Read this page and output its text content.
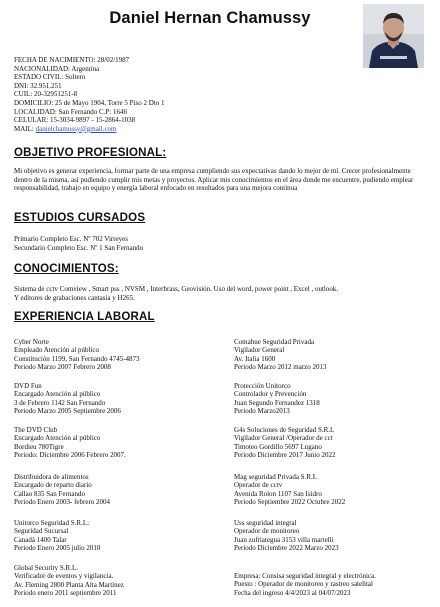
Daniel Hernan Chamussy
FECHA DE NACIMIENTO: 28/02/1987
NACIONALIDAD: Argentina
ESTADO CIVIL: Soltero
DNI: 32.951.251
CUIL: 20-32951251-8
DOMICILIO: 25 de Mayo 1904, Torre 5 Piso 2 Dto 1
LOCALIDAD: San Fernando C.P: 1646
CELULAR: 15-3034-9897 - 15-2864-1038
MAIL: danielchamussy@gmail.com
OBJETIVO PROFESIONAL:
Mi objetivo es generar experiencia, formar parte de una empresa cumpliendo sus expectativas dando lo mejor de mí. Crecer profesionalmente dentro de la misma, así pudiendo cumplir mis metas y proyectos. Aplicar mis conocimientos en el área donde me encuentre, pudiendo emplear responsabilidad, trabajo en equipo y energía laboral enfocado en resultados para una mejora continua
ESTUDIOS CURSADOS
Primario Completo Esc. Nº 702 Virreyes
Secundario Completo Esc. Nº 1 San Fernando
CONOCIMIENTOS:
Sistema de cctv Comview , Smart pss , NVSM , Interbrass, Geovisión. Uso del word, power point , Excel , outlook.
Y editores de grabaciones cantasia y H265.
EXPERIENCIA LABORAL
Cyber Norte
Empleado Atención al público
Constitución 1199, San Fernando 4745-4873
Periodo Marzo 2007 Febrero 2008
DVD Fun
Encargado Atención al público
3 de Febrero 1142 San Fernando
Periodo Marzo 2005 Septiembre 2006
The DVD Club
Encargado Atención al público
Bordieu 780Tigre
Periodo: Diciembre 2006 Febrero 2007.
Distribuidora de alimentos
Encargado de reparto diario
Callao 835 San Fernando
Periodo Enero 2003- febrero 2004
Unitorco Seguridad S.R.L:
Seguridad Sucursal
Canadá 1400 Talar
Periodo Enero 2005 julio 2010
Global Security S.R.L.
Verificador de eventos y vigilancia.
Av. Fleming 2800 Planta Alta Martínez
Periodo enero 2011 septiembre 2011
Comahue Seguridad Privada
Vigilador General
Av. Italia 1600
Periodo Marzo 2012 marzo 2013
Protección Unitorco
Controlador y Prevención
Juan Segundo Fernandez 1318
Periodo Marzo2013
G4s Soluciones de Seguridad S.R.L
Vigilador General /Operador de cct
Timoteo Gordillo 5697 Lugano
Periodo Diciembre 2017 Junio 2022
Mag seguridad Privada S.R.L
Operador de cctv
Avenida Rolon 1107 San Isidro
Periodo Septiembre 2022 Octubre 2022
Uss seguridad integral
Operador de monitoreo
Juan zufriategua 3153 villa martelli
Periodo Diciembre 2022 Marzo 2023
Empresa: Consisa seguridad integral y electrónica.
Puesto : Operador de monitoreo y rastreo satelital
Fecha del ingreso 4/4/2023 al 04/07/2023
